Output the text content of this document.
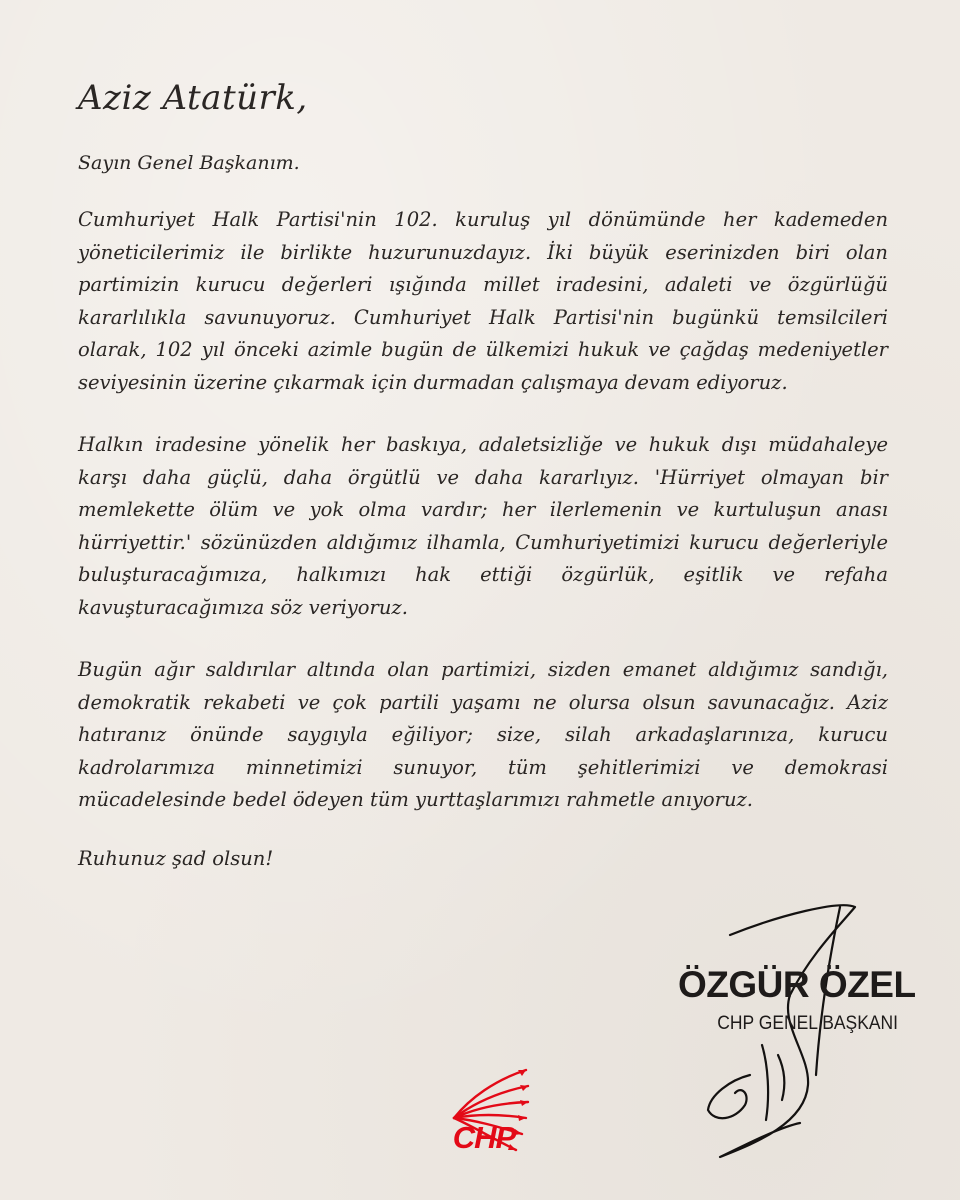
Aziz Atatürk,
Sayın Genel Başkanım.

Cumhuriyet Halk Partisi'nin 102. kuruluş yıl dönümünde her kademeden yöneticilerimiz ile birlikte huzurunuzdayız. İki büyük eserinizden biri olan partimizin kurucu değerleri ışığında millet iradesini, adaleti ve özgürlüğü kararlılıkla savunuyoruz. Cumhuriyet Halk Partisi'nin bugünkü temsilcileri olarak, 102 yıl önceki azimle bugün de ülkemizi hukuk ve çağdaş medeniyetler seviyesinin üzerine çıkarmak için durmadan çalışmaya devam ediyoruz.

Halkın iradesine yönelik her baskıya, adaletsizliğe ve hukuk dışı müdahaleye karşı daha güçlü, daha örgütlü ve daha kararlıyız. 'Hürriyet olmayan bir memlekette ölüm ve yok olma vardır; her ilerlemenin ve kurtuluşun anası hürriyettir.' sözünüzden aldığımız ilhamla, Cumhuriyetimizi kurucu değerleriyle buluşturacağımıza, halkımızı hak ettiği özgürlük, eşitlik ve refaha kavuşturacağımıza söz veriyoruz.

Bugün ağır saldırılar altında olan partimizi, sizden emanet aldığımız sandığı, demokratik rekabeti ve çok partili yaşamı ne olursa olsun savunacağız. Aziz hatıranız önünde saygıyla eğiliyor; size, silah arkadaşlarınıza, kurucu kadrolarımıza minnetimizi sunuyor, tüm şehitlerimizi ve demokrasi mücadelesinde bedel ödeyen tüm yurttaşlarımızı rahmetle anıyoruz.

Ruhunuz şad olsun!
ÖZGÜR ÖZEL
CHP GENEL BAŞKANI
CHP
